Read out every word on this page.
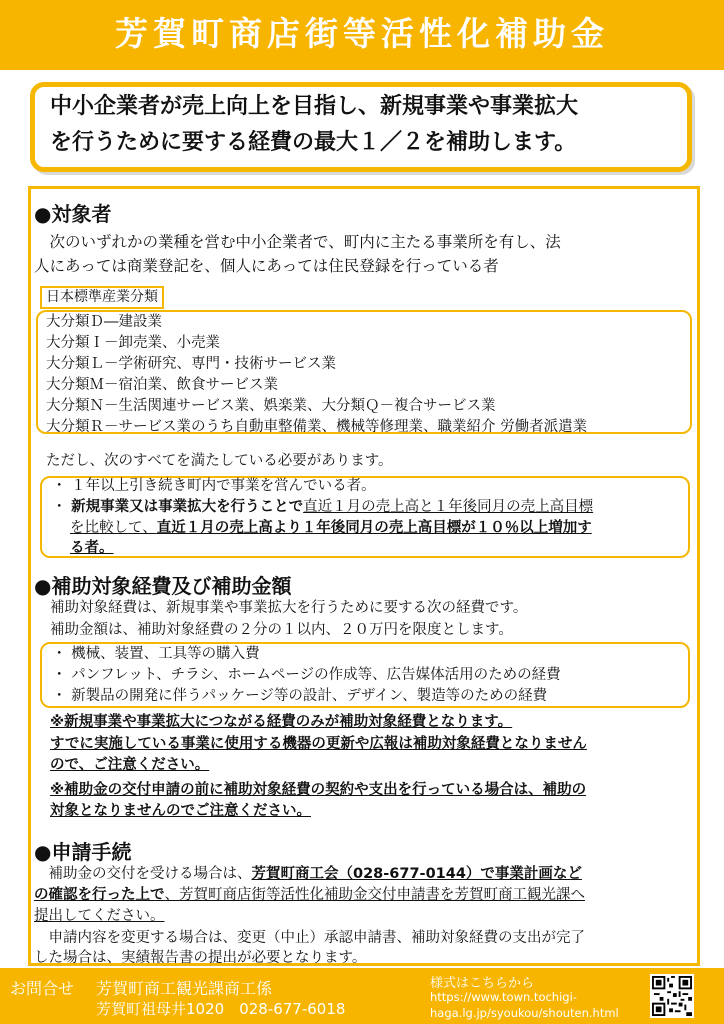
芳賀町商店街等活性化補助金
中小企業者が売上向上を目指し、新規事業や事業拡大
を行うために要する経費の最大１／２を補助します。
●対象者
　次のいずれかの業種を営む中小企業者で、町内に主たる事業所を有し、法
人にあっては商業登記を、個人にあっては住民登録を行っている者
日本標準産業分類
大分類Ｄ―建設業
大分類Ｉ－卸売業、小売業
大分類Ｌ－学術研究、専門・技術サービス業
大分類Ｍ－宿泊業、飲食サービス業
大分類Ｎ－生活関連サービス業、娯楽業、大分類Ｑ－複合サービス業
大分類Ｒ－サービス業のうち自動車整備業、機械等修理業、職業紹介 労働者派遣業
ただし、次のすべてを満たしている必要があります。
・ １年以上引き続き町内で事業を営んでいる者。
・ 新規事業又は事業拡大を行うことで直近１月の売上高と１年後同月の売上高目標
を比較して、直近１月の売上高より１年後同月の売上高目標が１０％以上増加す
る者。
●補助対象経費及び補助金額
補助対象経費は、新規事業や事業拡大を行うために要する次の経費です。
補助金額は、補助対象経費の２分の１以内、２０万円を限度とします。
・ 機械、装置、工具等の購入費
・ パンフレット、チラシ、ホームページの作成等、広告媒体活用のための経費
・ 新製品の開発に伴うパッケージ等の設計、デザイン、製造等のための経費
※新規事業や事業拡大につながる経費のみが補助対象経費となります。
すでに実施している事業に使用する機器の更新や広報は補助対象経費となりません
ので、ご注意ください。
※補助金の交付申請の前に補助対象経費の契約や支出を行っている場合は、補助の
対象となりませんのでご注意ください。
●申請手続
　補助金の交付を受ける場合は、芳賀町商工会（028-677-0144）で事業計画など
の確認を行った上で、芳賀町商店街等活性化補助金交付申請書を芳賀町商工観光課へ
提出してください。
　申請内容を変更する場合は、変更（中止）承認申請書、補助対象経費の支出が完了
した場合は、実績報告書の提出が必要となります。
お問合せ 芳賀町商工観光課商工係
芳賀町祖母井1020　028-677-6018
様式はこちらから
https://www.town.tochigi-
haga.lg.jp/syoukou/shouten.html
